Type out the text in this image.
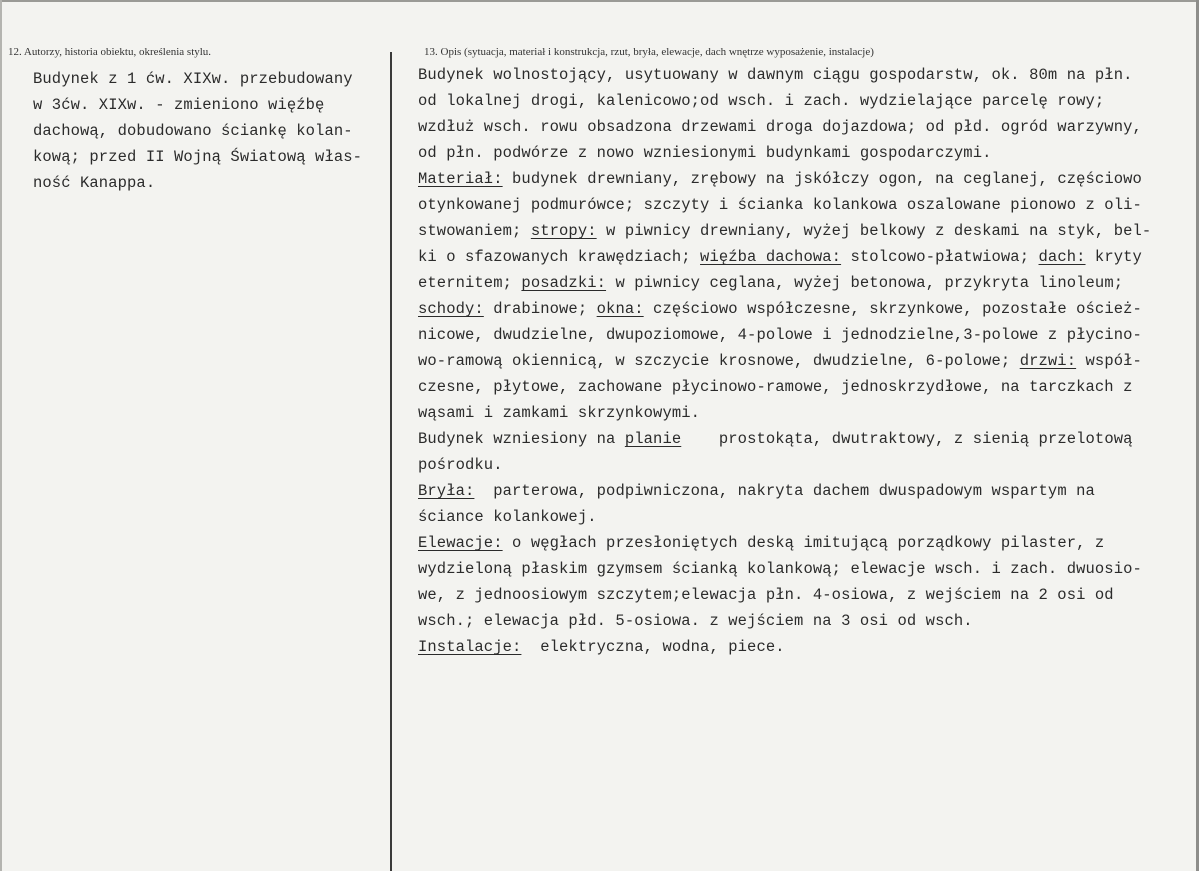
12. Autorzy, historia obiektu, określenia stylu.	13. Opis (sytuacja, materiał i konstrukcja, rzut, bryła, elewacje, dach wnętrze wyposażenie, instalacje)
Budynek z 1 ćw. XIXw. przebudowany
w 3ćw. XIXw. - zmieniono więźbę
dachową, dobudowano ściankę kolan-
kową; przed II Wojną Światową włas-
ność Kanappa.
Budynek wolnostojący, usytuowany w dawnym ciągu gospodarstw, ok. 80m na płn.
od lokalnej drogi, kalenicowo;od wsch. i zach. wydzielające parcelę rowy;
wzdłuż wsch. rowu obsadzona drzewami droga dojazdowa; od płd. ogród warzywny,
od płn. podwórze z nowo wzniesionymi budynkami gospodarczymi.
Materiał: budynek drewniany, zrębowy na jskółczy ogon, na ceglanej, częściowo
otynkowanej podmurówce; szczyty i ścianka kolankowa oszalowane pionowo z oli-
stwowaniem; stropy: w piwnicy drewniany, wyżej belkowy z deskami na styk, bel-
ki o sfazowanych krawędziach; więźba dachowa: stolcowo-płatwiowa; dach: kryty
eternitem; posadzki: w piwnicy ceglana, wyżej betonowa, przykryta linoleum;
schody: drabinowe; okna: częściowo współczesne, skrzynkowe, pozostałe oścież-
nicowe, dwudzielne, dwupoziomowe, 4-polowe i jednodzielne,3-polowe z płycino-
wo-ramową okiennicą, w szczycie krosnowe, dwudzielne, 6-polowe; drzwi: współ-
czesne, płytowe, zachowane płycinowo-ramowe, jednoskrzydłowe, na tarczkach z
wąsami i zamkami skrzynkowymi.
Budynek wzniesiony na planie    prostokąta, dwutraktowy, z sienią przelotową
pośrodku.
Bryła:  parterowa, podpiwniczona, nakryta dachem dwuspadowym wspartym na
ściance kolankowej.
Elewacje: o węgłach przesłoniętych deską imitującą porządkowy pilaster, z
wydzieloną płaskim gzymsem ścianką kolankową; elewacje wsch. i zach. dwuosio-
we, z jednoosiowym szczytem;elewacja płn. 4-osiowa, z wejściem na 2 osi od
wsch.; elewacja płd. 5-osiowa. z wejściem na 3 osi od wsch.
Instalacje:  elektryczna, wodna, piece.
